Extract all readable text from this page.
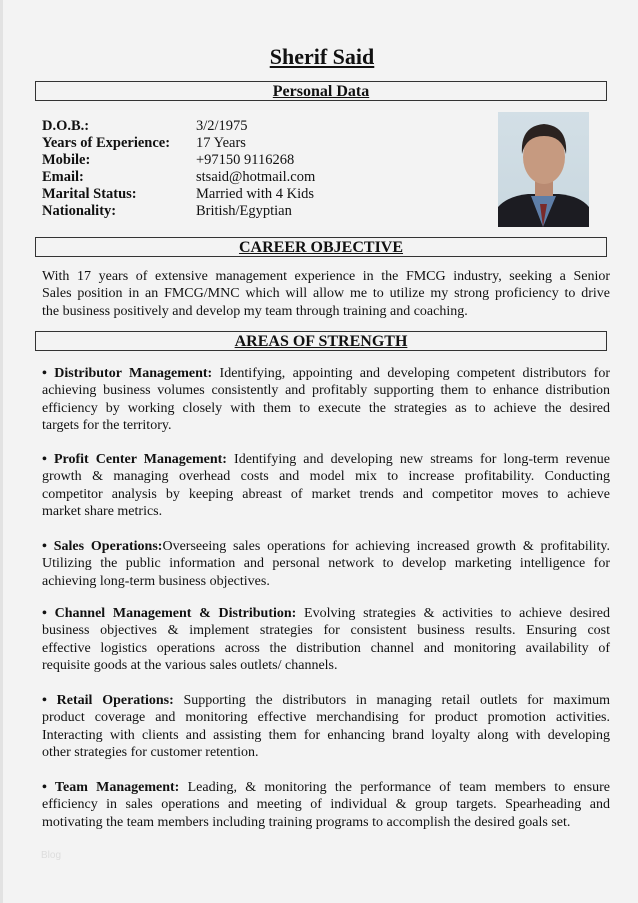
Sherif Said
Personal Data
D.O.B.:	3/2/1975
Years of Experience: 17 Years
Mobile:	+97150 9116268
Email:	stsaid@hotmail.com
Marital Status:	Married with 4 Kids
Nationality:	British/Egyptian
CAREER OBJECTIVE
With 17 years of extensive management experience in the FMCG industry, seeking a Senior
Sales position in an FMCG/MNC which will allow me to utilize my strong proficiency to drive
the business positively and develop my team through training and coaching.
AREAS OF STRENGTH
• Distributor Management: Identifying, appointing and developing competent distributors for
achieving business volumes consistently and profitably supporting them to enhance distribution
efficiency by working closely with them to execute the strategies as to achieve the desired
targets for the territory.
• Profit Center Management: Identifying and developing new streams for long-term revenue
growth & managing overhead costs and model mix to increase profitability. Conducting
competitor analysis by keeping abreast of market trends and competitor moves to achieve
market share metrics.
• Sales Operations:Overseeing sales operations for achieving increased growth & profitability.
Utilizing the public information and personal network to develop marketing intelligence for
achieving long-term business objectives.
• Channel Management & Distribution: Evolving strategies & activities to achieve desired
business objectives & implement strategies for consistent business results. Ensuring cost
effective logistics operations across the distribution channel and monitoring availability of
requisite goods at the various sales outlets/ channels.
• Retail Operations: Supporting the distributors in managing retail outlets for maximum
product coverage and monitoring effective merchandising for product promotion activities.
Interacting with clients and assisting them for enhancing brand loyalty along with developing
other strategies for customer retention.
• Team Management: Leading, & monitoring the performance of team members to ensure
efficiency in sales operations and meeting of individual & group targets. Spearheading and
motivating the team members including training programs to accomplish the desired goals set.
Blog
